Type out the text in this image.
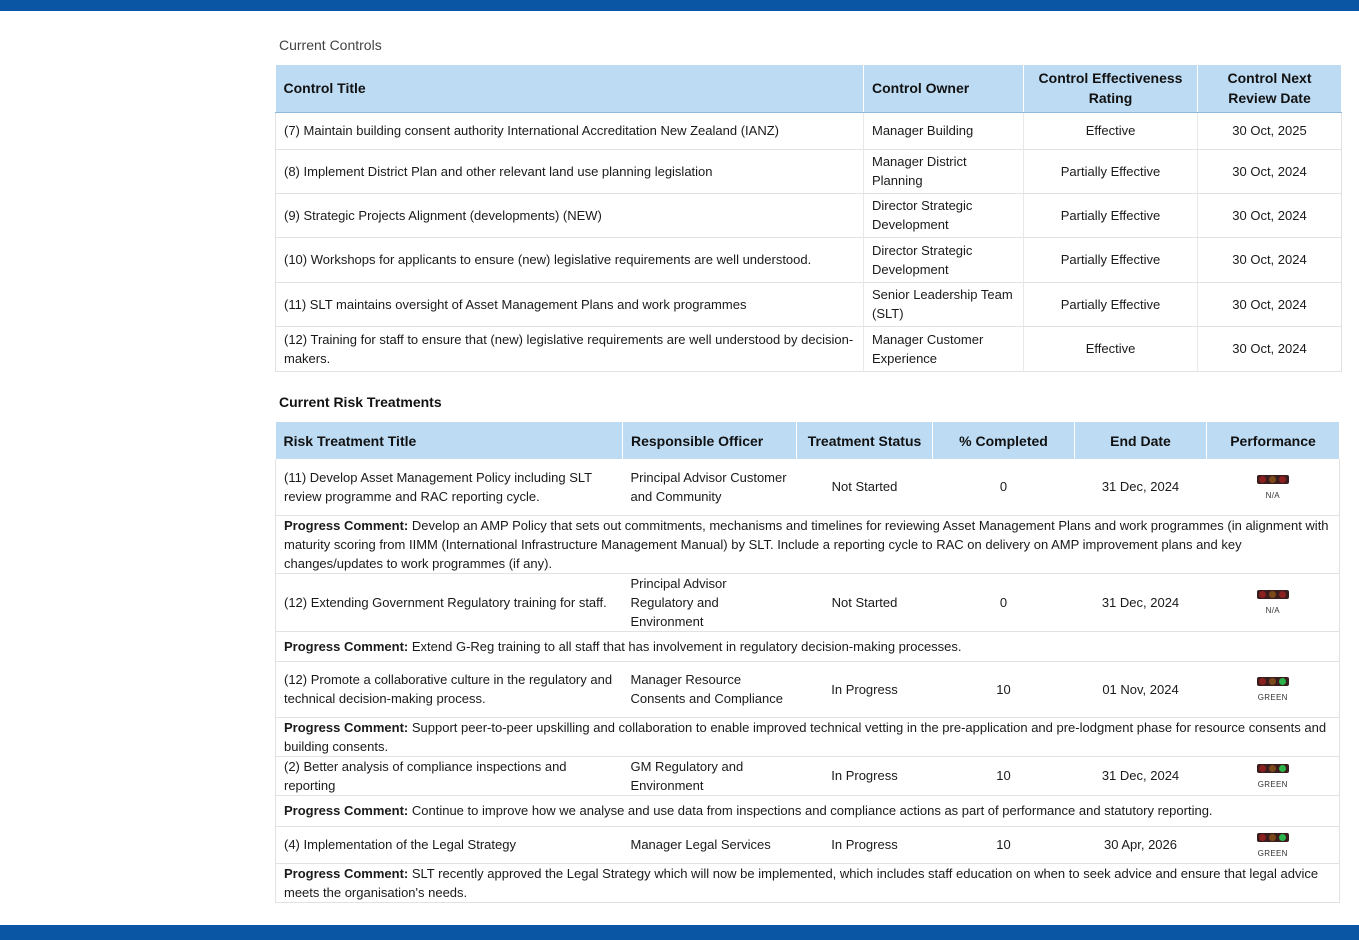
Current Controls
Control Title	Control Owner	Control Effectiveness Rating	Control Next Review Date
(7) Maintain building consent authority International Accreditation New Zealand (IANZ)	Manager Building	Effective	30 Oct, 2025
(8) Implement District Plan and other relevant land use planning legislation	Manager District Planning	Partially Effective	30 Oct, 2024
(9) Strategic Projects Alignment (developments) (NEW)	Director Strategic Development	Partially Effective	30 Oct, 2024
(10) Workshops for applicants to ensure (new) legislative requirements are well understood.	Director Strategic Development	Partially Effective	30 Oct, 2024
(11) SLT maintains oversight of Asset Management Plans and work programmes	Senior Leadership Team (SLT)	Partially Effective	30 Oct, 2024
(12) Training for staff to ensure that (new) legislative requirements are well understood by decision-makers.	Manager Customer Experience	Effective	30 Oct, 2024
Current Risk Treatments
Risk Treatment Title	Responsible Officer	Treatment Status	% Completed	End Date	Performance
(11) Develop Asset Management Policy including SLT review programme and RAC reporting cycle.	Principal Advisor Customer and Community	Not Started	0	31 Dec, 2024	N/A

Progress Comment: Develop an AMP Policy that sets out commitments, mechanisms and timelines for reviewing Asset Management Plans and work programmes (in alignment with maturity scoring from IIMM (International Infrastructure Management Manual) by SLT. Include a reporting cycle to RAC on delivery on AMP improvement plans and key changes/updates to work programmes (if any).					
(12) Extending Government Regulatory training for staff.	Principal Advisor Regulatory and Environment	Not Started	0	31 Dec, 2024	N/A

Progress Comment: Extend G-Reg training to all staff that has involvement in regulatory decision-making processes.					
(12) Promote a collaborative culture in the regulatory and technical decision-making process.	Manager Resource Consents and Compliance	In Progress	10	01 Nov, 2024	GREEN

Progress Comment: Support peer-to-peer upskilling and collaboration to enable improved technical vetting in the pre-application and pre-lodgment phase for resource consents and building consents.					
(2) Better analysis of compliance inspections and reporting	GM Regulatory and Environment	In Progress	10	31 Dec, 2024	GREEN

Progress Comment: Continue to improve how we analyse and use data from inspections and compliance actions as part of performance and statutory reporting.					
(4) Implementation of the Legal Strategy	Manager Legal Services	In Progress	10	30 Apr, 2026	GREEN

Progress Comment: SLT recently approved the Legal Strategy which will now be implemented, which includes staff education on when to seek advice and ensure that legal advice meets the organisation's needs.					
